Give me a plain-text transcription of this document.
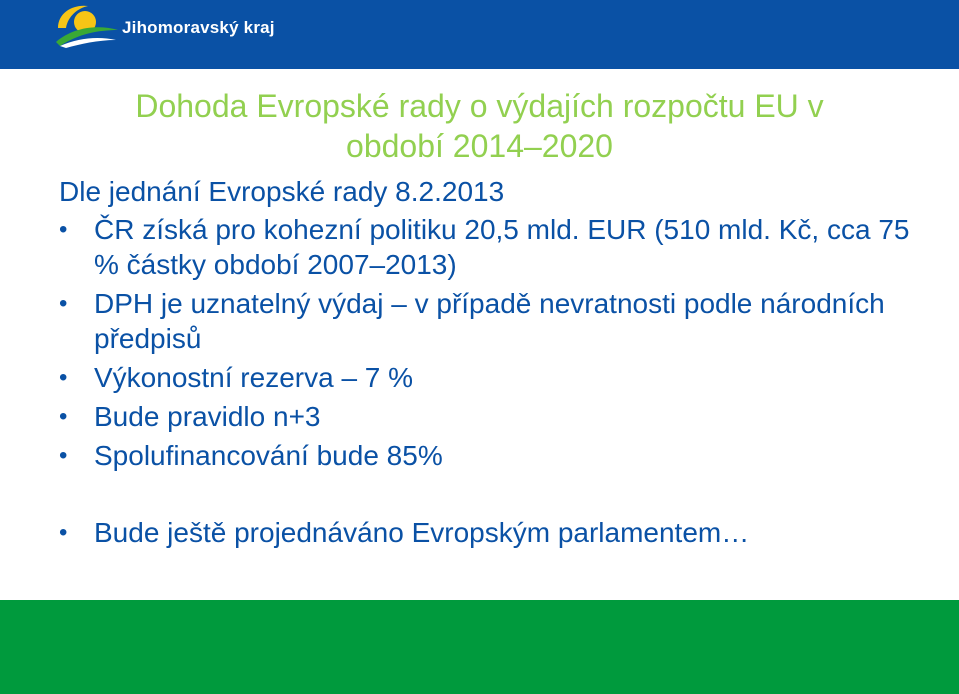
Jihomoravský kraj
Dohoda Evropské rady o výdajích rozpočtu EU v
období 2014–2020

Dle jednání Evropské rady 8.2.2013

• ČR získá pro kohezní politiku 20,5 mld. EUR (510 mld. Kč, cca 75 % částky období 2007–2013)
• DPH je uznatelný výdaj – v případě nevratnosti podle národních předpisů
• Výkonostní rezerva – 7 %
• Bude pravidlo n+3
• Spolufinancování bude 85%
• Bude ještě projednáváno Evropským parlamentem…
